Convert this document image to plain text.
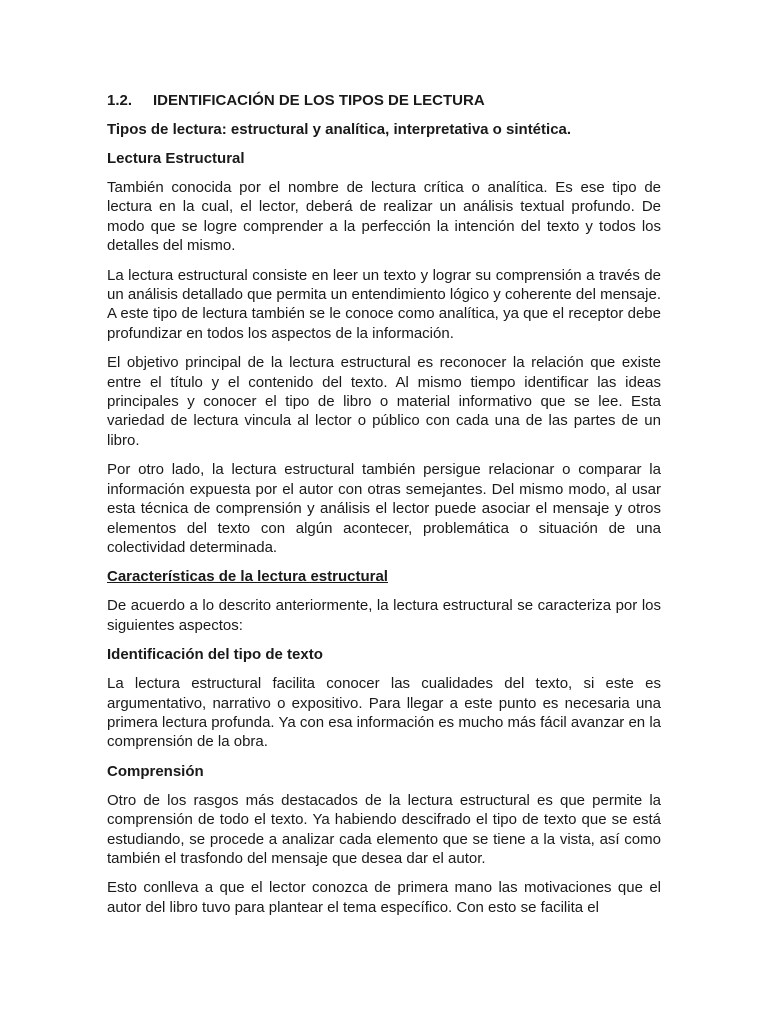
1.2.	IDENTIFICACIÓN DE LOS TIPOS DE LECTURA
Tipos de lectura: estructural y analítica, interpretativa o sintética.
Lectura Estructural

También conocida por el nombre de lectura crítica o analítica. Es ese tipo de lectura en la cual, el lector, deberá de realizar un análisis textual profundo. De modo que se logre comprender a la perfección la intención del texto y todos los detalles del mismo.

La lectura estructural consiste en leer un texto y lograr su comprensión a través de un análisis detallado que permita un entendimiento lógico y coherente del mensaje. A este tipo de lectura también se le conoce como analítica, ya que el receptor debe profundizar en todos los aspectos de la información.

El objetivo principal de la lectura estructural es reconocer la relación que existe entre el título y el contenido del texto. Al mismo tiempo identificar las ideas principales y conocer el tipo de libro o material informativo que se lee. Esta variedad de lectura vincula al lector o público con cada una de las partes de un libro.

Por otro lado, la lectura estructural también persigue relacionar o comparar la información expuesta por el autor con otras semejantes. Del mismo modo, al usar esta técnica de comprensión y análisis el lector puede asociar el mensaje y otros elementos del texto con algún acontecer, problemática o situación de una colectividad determinada.

Características de la lectura estructural

De acuerdo a lo descrito anteriormente, la lectura estructural se caracteriza por los siguientes aspectos:

Identificación del tipo de texto

La lectura estructural facilita conocer las cualidades del texto, si este es argumentativo, narrativo o expositivo. Para llegar a este punto es necesaria una primera lectura profunda. Ya con esa información es mucho más fácil avanzar en la comprensión de la obra.

Comprensión

Otro de los rasgos más destacados de la lectura estructural es que permite la comprensión de todo el texto. Ya habiendo descifrado el tipo de texto que se está estudiando, se procede a analizar cada elemento que se tiene a la vista, así como también el trasfondo del mensaje que desea dar el autor.

Esto conlleva a que el lector conozca de primera mano las motivaciones que el autor del libro tuvo para plantear el tema específico. Con esto se facilita el
